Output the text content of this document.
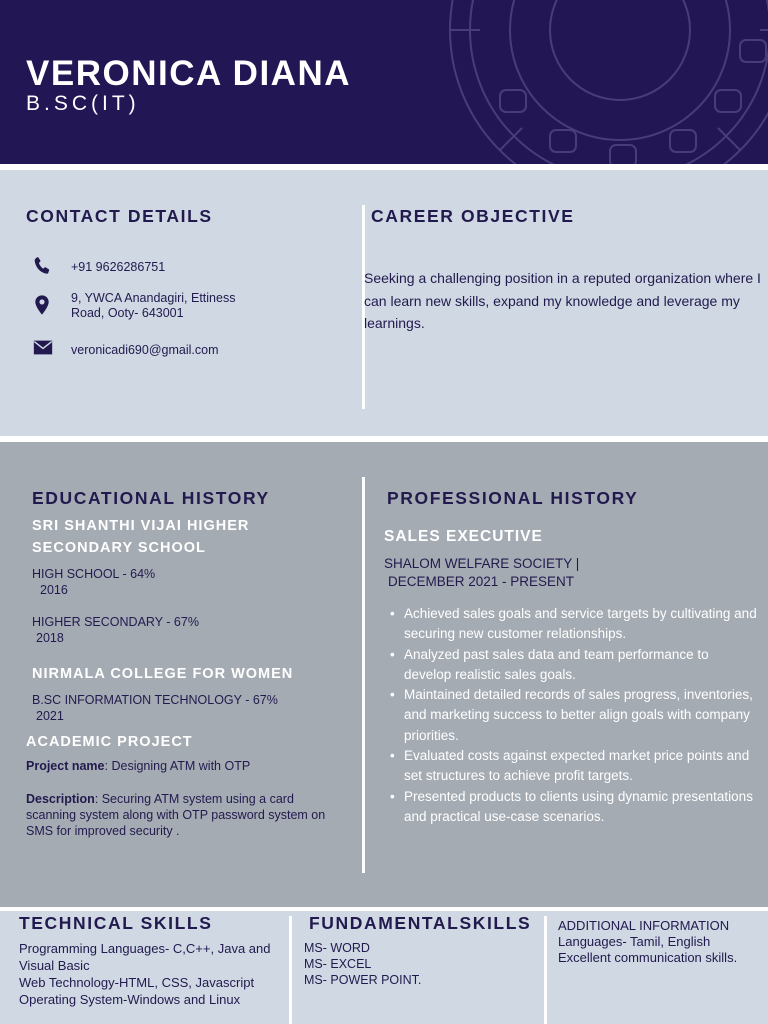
VERONICA DIANA
B.SC(IT)
CONTACT DETAILS
+91 9626286751
9, YWCA Anandagiri, Ettiness
Road, Ooty- 643001
veronicadi690@gmail.com
CAREER OBJECTIVE
Seeking a challenging position in a reputed organization where I can learn new skills, expand my knowledge and leverage my learnings.
EDUCATIONAL HISTORY
SRI SHANTHI VIJAI HIGHER SECONDARY SCHOOL
HIGH SCHOOL - 64%
2016
HIGHER SECONDARY - 67%
2018
NIRMALA COLLEGE FOR WOMEN
B.SC INFORMATION TECHNOLOGY - 67%
2021
ACADEMIC PROJECT
Project name: Designing ATM with OTP
Description: Securing ATM system using a card scanning system along with OTP password system on SMS for improved security .
PROFESSIONAL HISTORY
SALES EXECUTIVE
SHALOM WELFARE SOCIETY |
DECEMBER 2021 - PRESENT
• Achieved sales goals and service targets by cultivating and securing new customer relationships.
• Analyzed past sales data and team performance to develop realistic sales goals.
• Maintained detailed records of sales progress, inventories, and marketing success to better align goals with company priorities.
• Evaluated costs against expected market price points and set structures to achieve profit targets.
• Presented products to clients using dynamic presentations and practical use-case scenarios.
TECHNICAL SKILLS
Programming Languages- C,C++, Java and Visual Basic
Web Technology-HTML, CSS, Javascript
Operating System-Windows and Linux
FUNDAMENTALSKILLS
MS- WORD
MS- EXCEL
MS- POWER POINT.
ADDITIONAL INFORMATION
Languages- Tamil, English
Excellent communication skills.
